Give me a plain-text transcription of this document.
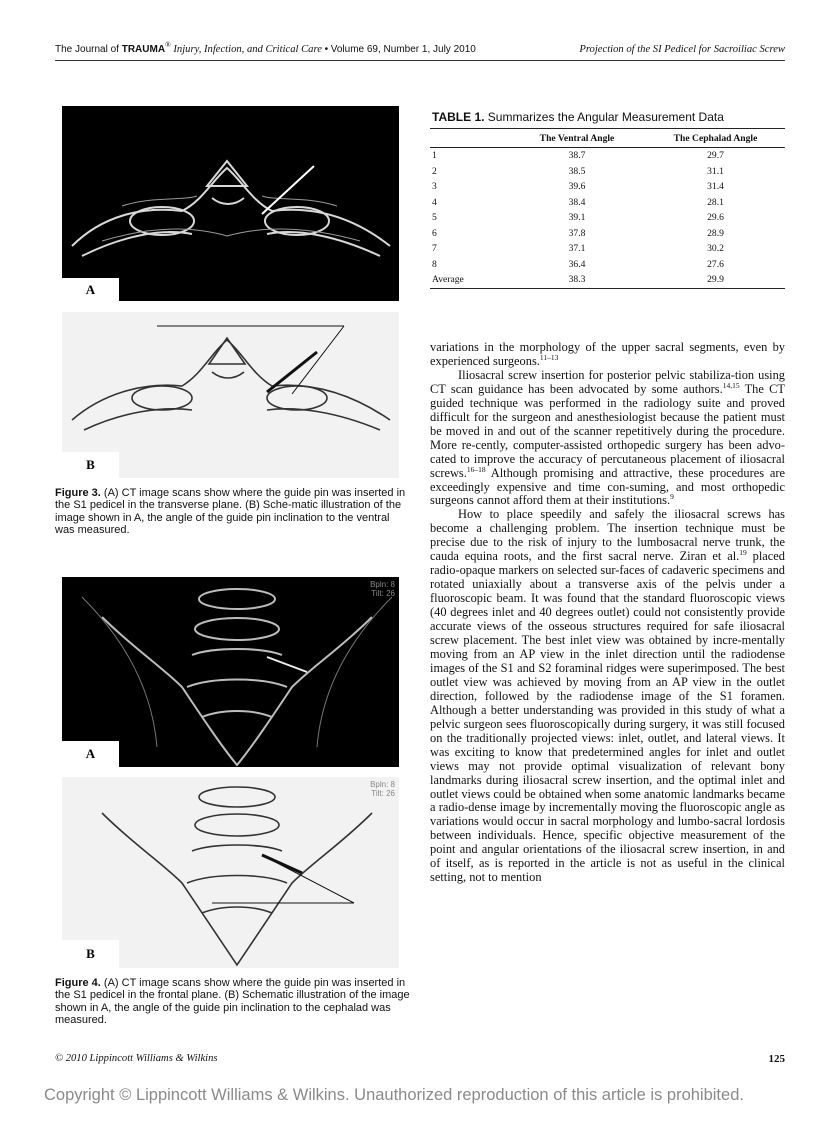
The Journal of TRAUMA® Injury, Infection, and Critical Care • Volume 69, Number 1, July 2010	Projection of the SI Pedicel for Sacroiliac Screw
A
B
Figure 3. (A) CT image scans show where the guide pin was inserted in the S1 pedicel in the transverse plane. (B) Sche-matic illustration of the image shown in A, the angle of the guide pin inclination to the ventral was measured.
Bpln: 8
Tilt: 26
A
Bpln: 8
Tilt: 26
B
Figure 4. (A) CT image scans show where the guide pin was inserted in the S1 pedicel in the frontal plane. (B) Schematic illustration of the image shown in A, the angle of the guide pin inclination to the cephalad was measured.
TABLE 1. Summarizes the Angular Measurement Data
	The Ventral Angle	The Cephalad Angle
1	38.7	29.7
2	38.5	31.1
3	39.6	31.4
4	38.4	28.1
5	39.1	29.6
6	37.8	28.9
7	37.1	30.2
8	36.4	27.6
Average	38.3	29.9

variations in the morphology of the upper sacral segments, even by experienced surgeons.$^{11-13}$

Iliosacral screw insertion for posterior pelvic stabiliza-tion using CT scan guidance has been advocated by some authors.$^{14,15}$ The CT guided technique was performed in the radiology suite and proved difficult for the surgeon and anesthesiologist because the patient must be moved in and out of the scanner repetitively during the procedure. More re-cently, computer-assisted orthopedic surgery has been advo-cated to improve the accuracy of percutaneous placement of iliosacral screws.$^{16-18}$ Although promising and attractive, these procedures are exceedingly expensive and time con-suming, and most orthopedic surgeons cannot afford them at their institutions.$^9$

How to place speedily and safely the iliosacral screws has become a challenging problem. The insertion technique must be precise due to the risk of injury to the lumbosacral nerve trunk, the cauda equina roots, and the first sacral nerve. Ziran et al.$^{19}$ placed radio-opaque markers on selected sur-faces of cadaveric specimens and rotated uniaxially about a transverse axis of the pelvis under a fluoroscopic beam. It was found that the standard fluoroscopic views (40 degrees inlet and 40 degrees outlet) could not consistently provide accurate views of the osseous structures required for safe iliosacral screw placement. The best inlet view was obtained by incre-mentally moving from an AP view in the inlet direction until the radiodense images of the S1 and S2 foraminal ridges were superimposed. The best outlet view was achieved by moving from an AP view in the outlet direction, followed by the radiodense image of the S1 foramen. Although a better understanding was provided in this study of what a pelvic surgeon sees fluoroscopically during surgery, it was still focused on the traditionally projected views: inlet, outlet, and lateral views. It was exciting to know that predetermined angles for inlet and outlet views may not provide optimal visualization of relevant bony landmarks during iliosacral screw insertion, and the optimal inlet and outlet views could be obtained when some anatomic landmarks became a radio-dense image by incrementally moving the fluoroscopic angle as variations would occur in sacral morphology and lumbo-sacral lordosis between individuals. Hence, specific objective measurement of the point and angular orientations of the iliosacral screw insertion, in and of itself, as is reported in the article is not as useful in the clinical setting, not to mention

© 2010 Lippincott Williams & Wilkins	125
Copyright © Lippincott Williams & Wilkins. Unauthorized reproduction of this article is prohibited.
